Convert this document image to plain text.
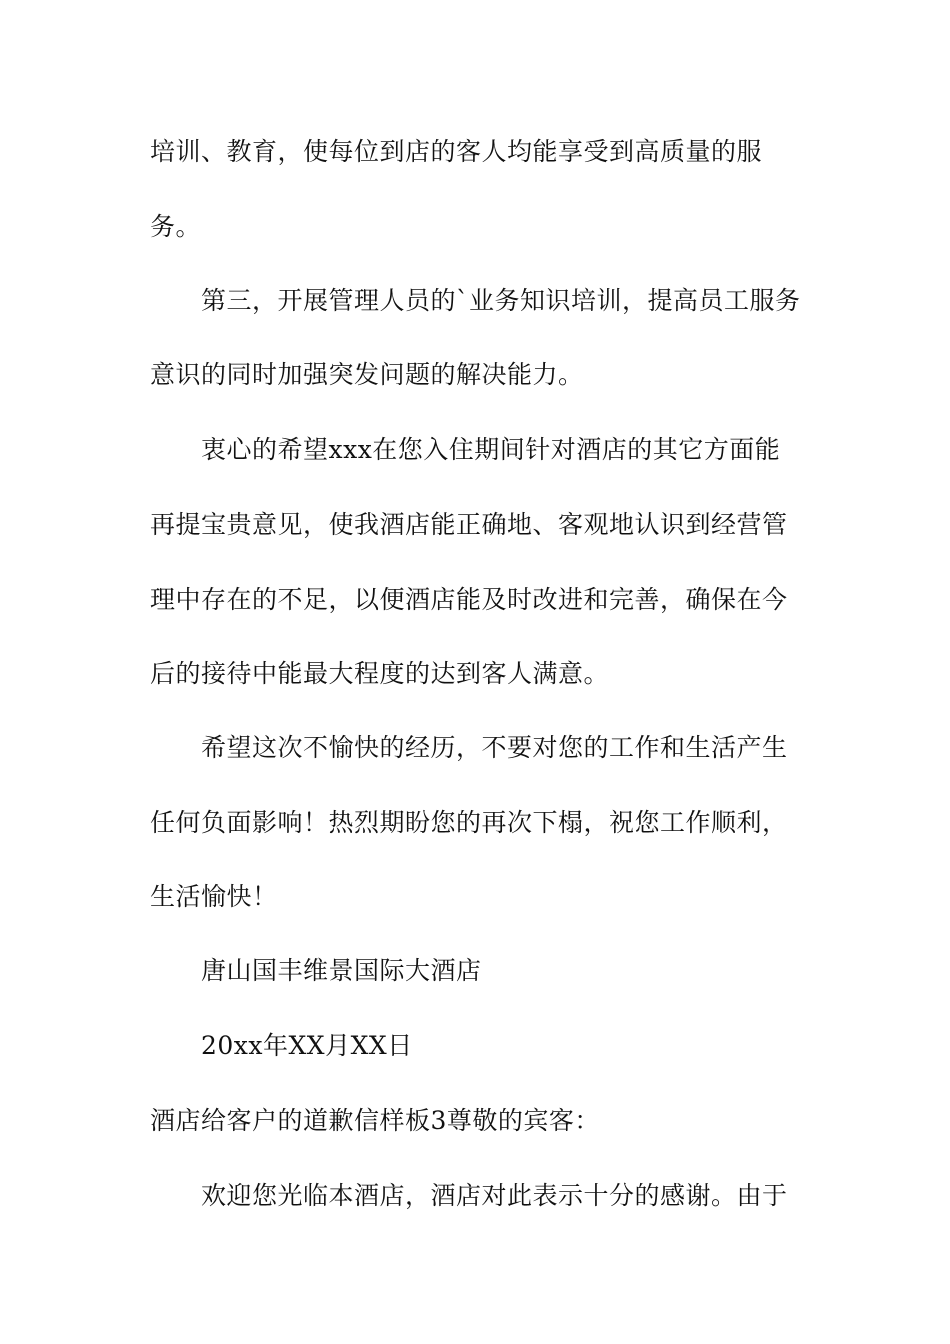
培训、教育，使每位到店的客人均能享受到高质量的服
务。
第三，开展管理人员的`业务知识培训，提高员工服务
意识的同时加强突发问题的解决能力。
衷心的希望xxx在您入住期间针对酒店的其它方面能
再提宝贵意见，使我酒店能正确地、客观地认识到经营管
理中存在的不足，以便酒店能及时改进和完善，确保在今
后的接待中能最大程度的达到客人满意。
希望这次不愉快的经历，不要对您的工作和生活产生
任何负面影响！热烈期盼您的再次下榻，祝您工作顺利，
生活愉快！
唐山国丰维景国际大酒店
20xx年XX月XX日
酒店给客户的道歉信样板3尊敬的宾客：
欢迎您光临本酒店，酒店对此表示十分的感谢。由于
